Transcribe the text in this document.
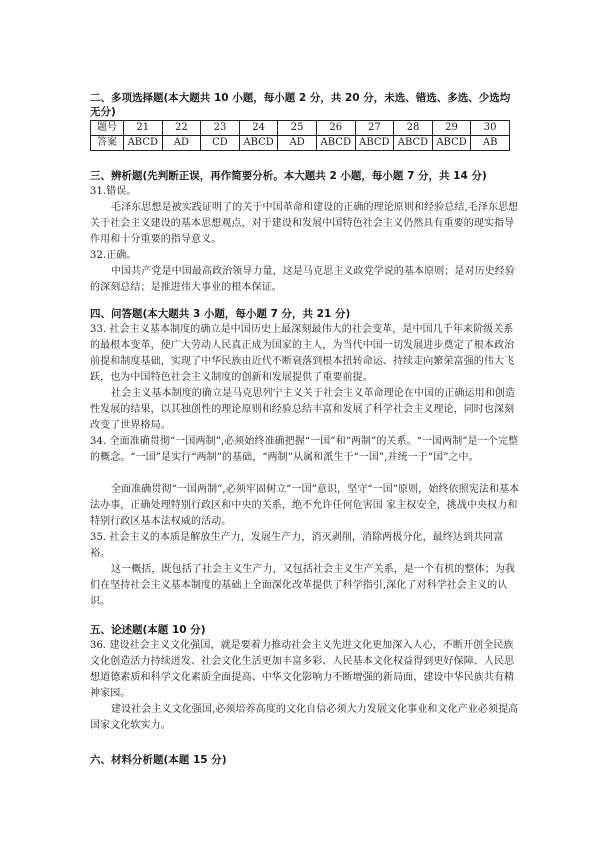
二、多项选择题(本大题共 10 小题，每小题 2 分，共 20 分，未选、错选、多选、少选均
无分)
题号	21	22	23	24	25	26	27	28	29	30
答案	ABCD	AD	CD	ABCD	AD	ABCD	ABCD	ABCD	ABCD	AB
三、辨析题(先判断正误，再作简要分析。本大题共 2 小题，每小题 7 分，共 14 分)

31.错误。

毛泽东思想是被实践证明了的关于中国革命和建设的正确的理论原则和经验总结,毛泽东思想关于社会主义建设的基本思想观点，对于建设和发展中国特色社会主义仍然具有重要的现实指导作用和十分重要的指导意义。

32.正确。

中国共产党是中国最高政治领导力量，这是马克思主义政党学说的基本原则；是对历史经验的深刻总结；是推进伟大事业的根本保证。

四、问答题(本大题共 3 小题，每小题 7 分，共 21 分)

33. 社会主义基本制度的确立是中国历史上最深刻最伟大的社会变革，是中国几千年来阶级关系的最根本变革，使广大劳动人民真正成为国家的主人，为当代中国一切发展进步奠定了根本政治前提和制度基础，实现了中华民族由近代不断衰落到根本扭转命运、持续走向繁荣富强的伟大飞跃，也为中国特色社会主义制度的创新和发展提供了重要前提。

社会主义基本制度的确立是马克思列宁主义关于社会主义革命理论在中国的正确运用和创造性发展的结果，以其独创性的理论原则和经验总结丰富和发展了科学社会主义理论，同时也深刻改变了世界格局。

34. 全面准确贯彻“一国两制”,必须始终准确把握“一国”和“两制”的关系。“一国两制”是一个完整的概念。“一国”是实行“两制”的基础，“两制”从属和派生于“一国”,并统一于“国”之中。

全面准确贯彻“一国两制”,必须牢固树立“一国”意识，坚守“一国”原则，始终依照宪法和基本法办事，正确处理特别行政区和中央的关系，绝不允许任何危害国 家主权安全，挑战中央权力和特别行政区基本法权威的活动。

35. 社会主义的本质是解放生产力，发展生产力，消灭剥削，消除两极分化，最终达到共同富裕。

这一概括，既包括了社会主义生产力，又包括社会主义生产关系，是一个有机的整体；为我们在坚持社会主义基本制度的基础上全面深化改革提供了科学指引,深化了对科学社会主义的认识。

五、论述题(本题 10 分)

36. 建设社会主义文化强国，就是要着力推动社会主义先进文化更加深入人心，不断开创全民族文化创造活力持续迸发、社会文化生活更加丰富多彩、人民基本文化权益得到更好保障、人民思想道德素质和科学文化素质全面提高、中华文化影响力不断增强的新局面，建设中华民族共有精神家园。

建设社会主义文化强国,必须培养高度的文化自信必须大力发展文化事业和文化产业必须提高国家文化软实力。

六、材料分析题(本题 15 分)
